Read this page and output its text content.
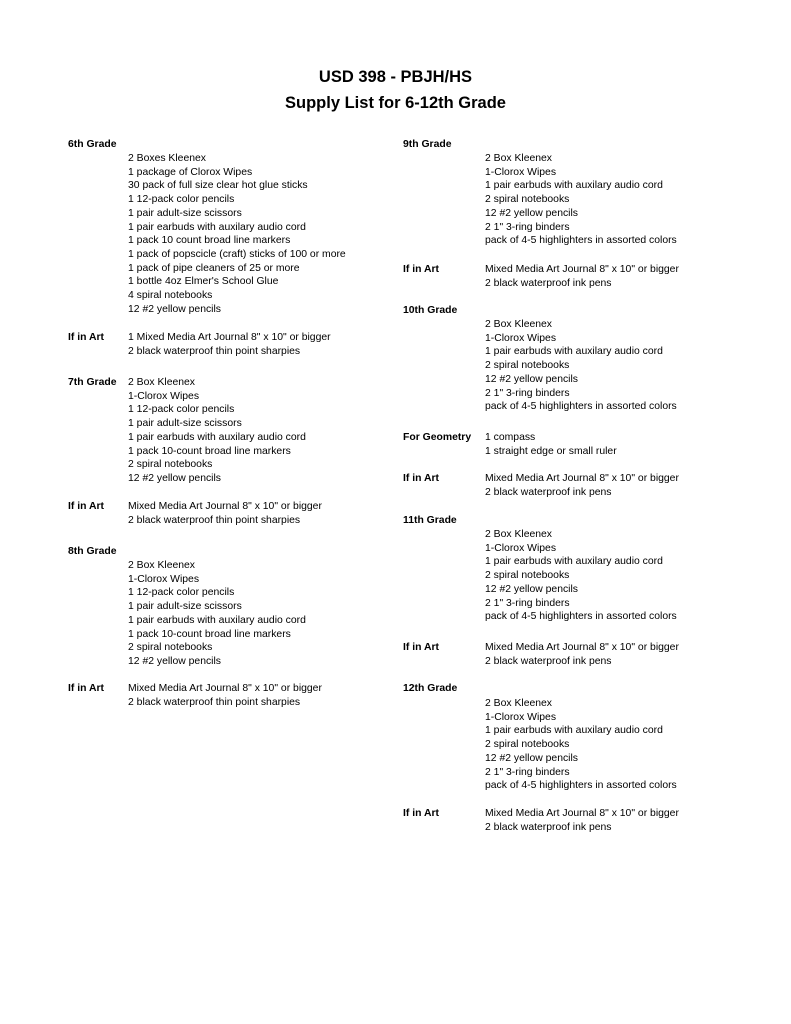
USD 398 - PBJH/HS
Supply List for 6-12th Grade
6th Grade
2 Boxes Kleenex
1 package of Clorox Wipes
30 pack of full size clear hot glue sticks
1 12-pack color pencils
1 pair adult-size scissors
1 pair earbuds with auxilary audio cord
1 pack 10 count broad line markers
1 pack of popscicle (craft) sticks of 100 or more
1 pack of pipe cleaners of 25 or more
1 bottle 4oz Elmer's School Glue
4 spiral notebooks
12 #2 yellow pencils
If in Art 1 Mixed Media Art Journal 8" x 10" or bigger
2 black waterproof thin point sharpies
7th Grade 2 Box Kleenex
1-Clorox Wipes
1 12-pack color pencils
1 pair adult-size scissors
1 pair earbuds with auxilary audio cord
1 pack 10-count broad line markers
2 spiral notebooks
12 #2 yellow pencils
If in Art Mixed Media Art Journal 8" x 10" or bigger
2 black waterproof thin point sharpies
8th Grade
2 Box Kleenex
1-Clorox Wipes
1 12-pack color pencils
1 pair adult-size scissors
1 pair earbuds with auxilary audio cord
1 pack 10-count broad line markers
2 spiral notebooks
12 #2 yellow pencils
If in Art Mixed Media Art Journal 8" x 10" or bigger
2 black waterproof thin point sharpies
9th Grade
2 Box Kleenex
1-Clorox Wipes
1 pair earbuds with auxilary audio cord
2 spiral notebooks
12 #2 yellow pencils
2 1" 3-ring binders
pack of 4-5 highlighters in assorted colors
If in Art	Mixed Media Art Journal 8" x 10" or bigger
2 black waterproof ink pens
10th Grade
2 Box Kleenex
1-Clorox Wipes
1 pair earbuds with auxilary audio cord
2 spiral notebooks
12 #2 yellow pencils
2 1" 3-ring binders
pack of 4-5 highlighters in assorted colors
For Geometry 1 compass
1 straight edge or small ruler
If in Art	Mixed Media Art Journal 8" x 10" or bigger
2 black waterproof ink pens
11th Grade
2 Box Kleenex
1-Clorox Wipes
1 pair earbuds with auxilary audio cord
2 spiral notebooks
12 #2 yellow pencils
2 1" 3-ring binders
pack of 4-5 highlighters in assorted colors
If in Art	Mixed Media Art Journal 8" x 10" or bigger
2 black waterproof ink pens
12th Grade
2 Box Kleenex
1-Clorox Wipes
1 pair earbuds with auxilary audio cord
2 spiral notebooks
12 #2 yellow pencils
2 1" 3-ring binders
pack of 4-5 highlighters in assorted colors
If in Art	Mixed Media Art Journal 8" x 10" or bigger
2 black waterproof ink pens
